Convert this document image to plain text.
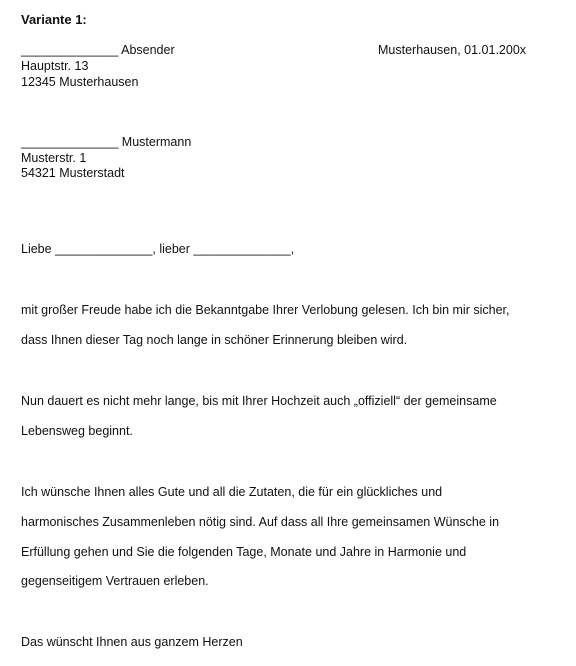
Variante 1:
______________ Absender
Hauptstr. 13
12345 Musterhausen
Musterhausen, 01.01.200x
______________ Mustermann
Musterstr. 1
54321 Musterstadt
Liebe ______________, lieber ______________,
mit großer Freude habe ich die Bekanntgabe Ihrer Verlobung gelesen. Ich bin mir sicher,
dass Ihnen dieser Tag noch lange in schöner Erinnerung bleiben wird.
Nun dauert es nicht mehr lange, bis mit Ihrer Hochzeit auch „offiziell“ der gemeinsame
Lebensweg beginnt.
Ich wünsche Ihnen alles Gute und all die Zutaten, die für ein glückliches und
harmonisches Zusammenleben nötig sind. Auf dass all Ihre gemeinsamen Wünsche in
Erfüllung gehen und Sie die folgenden Tage, Monate und Jahre in Harmonie und
gegenseitigem Vertrauen erleben.
Das wünscht Ihnen aus ganzem Herzen
